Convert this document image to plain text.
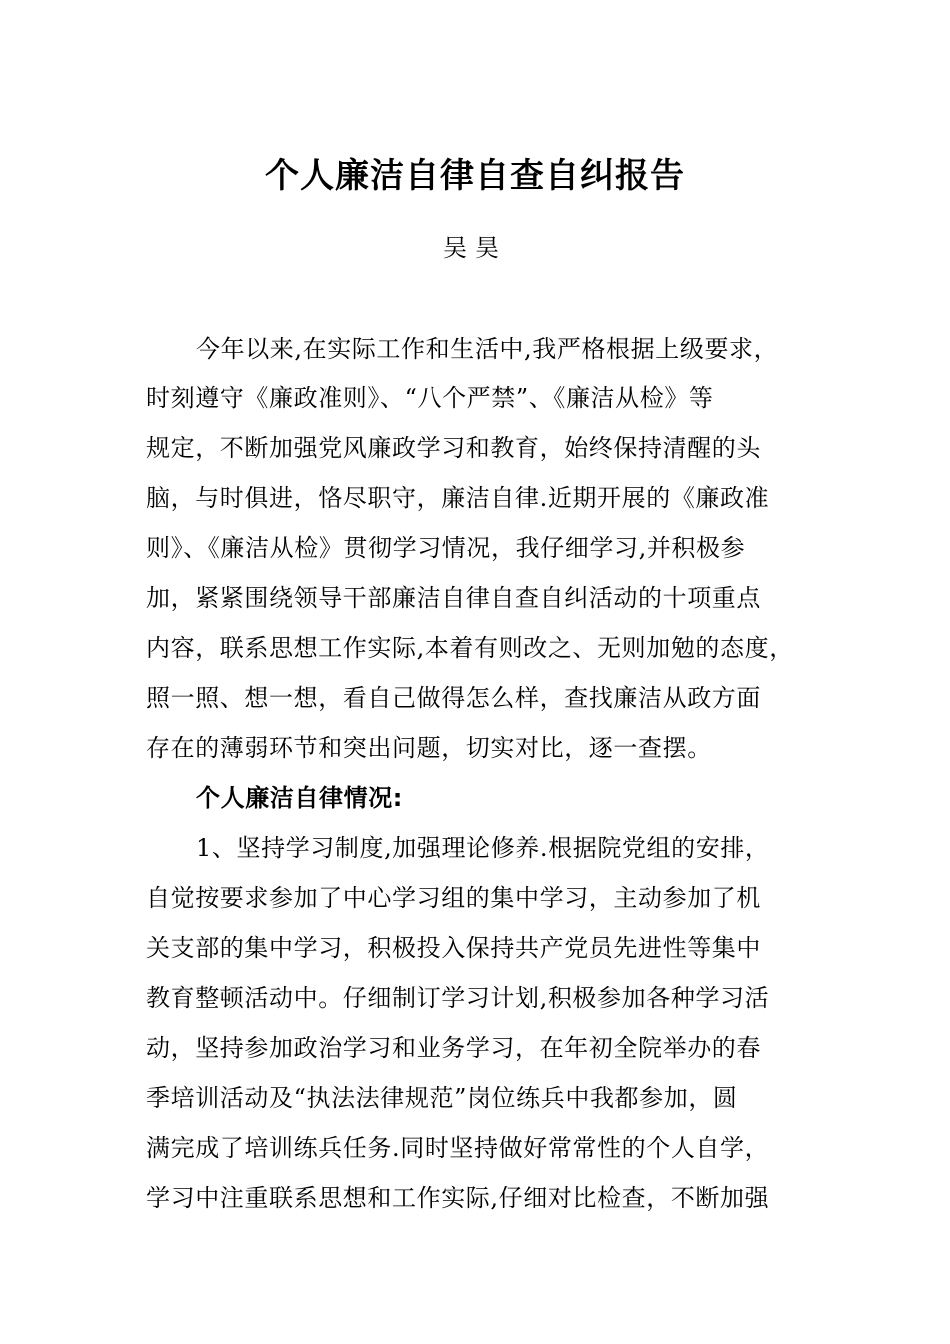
个人廉洁自律自查自纠报告
吴昊
今年以来,在实际工作和生活中,我严格根据上级要求，
时刻遵守《廉政准则》、“八个严禁”、《廉洁从检》等
规定，不断加强党风廉政学习和教育，始终保持清醒的头
脑，与时俱进，恪尽职守，廉洁自律.近期开展的《廉政准
则》、《廉洁从检》贯彻学习情况，我仔细学习,并积极参
加，紧紧围绕领导干部廉洁自律自查自纠活动的十项重点
内容，联系思想工作实际,本着有则改之、无则加勉的态度，
照一照、想一想，看自己做得怎么样，查找廉洁从政方面
存在的薄弱环节和突出问题，切实对比，逐一查摆。
个人廉洁自律情况:
1、坚持学习制度,加强理论修养.根据院党组的安排，
自觉按要求参加了中心学习组的集中学习，主动参加了机
关支部的集中学习，积极投入保持共产党员先进性等集中
教育整顿活动中。仔细制订学习计划,积极参加各种学习活
动，坚持参加政治学习和业务学习，在年初全院举办的春
季培训活动及“执法法律规范”岗位练兵中我都参加，圆
满完成了培训练兵任务.同时坚持做好常常性的个人自学，
学习中注重联系思想和工作实际,仔细对比检查，不断加强
